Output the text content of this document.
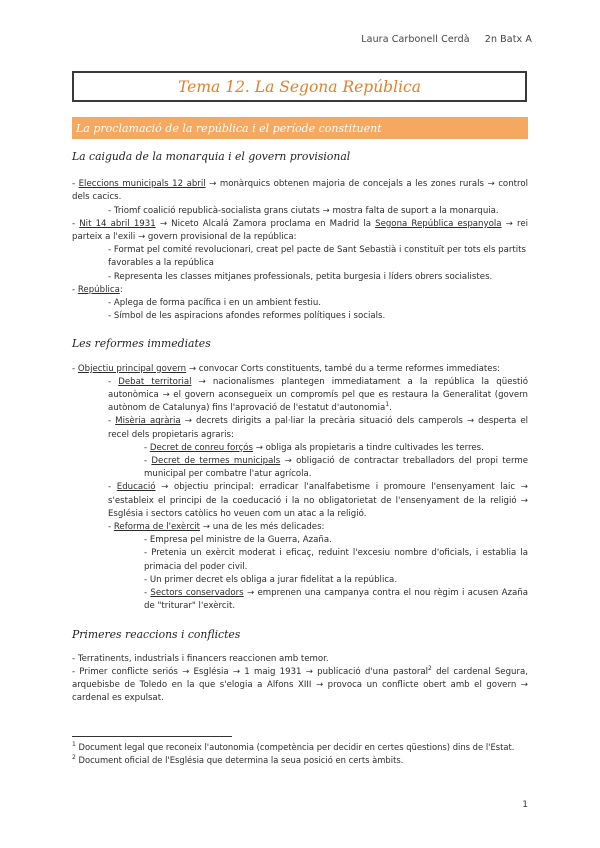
Laura Carbonell Cerdà 2n Batx A
Tema 12. La Segona República
La proclamació de la república i el període constituent

La caiguda de la monarquia i el govern provisional

- Eleccions municipals 12 abril → monàrquics obtenen majoria de concejals a les zones rurals → control dels cacics.

- Triomf coalició republicà-socialista grans ciutats → mostra falta de suport a la monarquia.

- Nit 14 abril 1931 → Niceto Alcalá Zamora proclama en Madrid la Segona República espanyola → rei parteix a l'exili → govern provisional de la república:

- Format pel comité revolucionari, creat pel pacte de Sant Sebastià i constituït per tots els partits favorables a la república

- Representa les classes mitjanes professionals, petita burgesia i líders obrers socialistes.

- República:

- Aplega de forma pacífica i en un ambient festiu.

- Símbol de les aspiracions afondes reformes polítiques i socials.

Les reformes immediates

- Objectiu principal govern → convocar Corts constituents, també du a terme reformes immediates:

- Debat territorial → nacionalismes plantegen immediatament a la república la qüestió autonòmica → el govern aconsegueix un compromís pel que es restaura la Generalitat (govern autònom de Catalunya) fins l'aprovació de l'estatut d'autonomia$^1$.

- Misèria agrària → decrets dirigits a pal·liar la precària situació dels camperols → desperta el recel dels propietaris agraris:

- Decret de conreu forçós → obliga als propietaris a tindre cultivades les terres.

- Decret de termes municipals → obligació de contractar treballadors del propi terme municipal per combatre l'atur agrícola.

- Educació → objectiu principal: erradicar l'analfabetisme i promoure l'ensenyament laic → s'estableix el principi de la coeducació i la no obligatorietat de l'ensenyament de la religió → Església i sectors catòlics ho veuen com un atac a la religió.

- Reforma de l'exèrcit → una de les més delicades:

- Empresa pel ministre de la Guerra, Azaña.

- Pretenia un exèrcit moderat i eficaç, reduint l'excesiu nombre d'oficials, i establia la primacia del poder civil.

- Un primer decret els obliga a jurar fidelitat a la república.

- Sectors conservadors → emprenen una campanya contra el nou règim i acusen Azaña de "triturar" l'exèrcit.

Primeres reaccions i conflictes

- Terratinents, industrials i financers reaccionen amb temor.

- Primer conflicte seriós → Església → 1 maig 1931 → publicació d'una pastoral$^2$ del cardenal Segura, arquebisbe de Toledo en la que s'elogia a Alfons XIII → provoca un conflicte obert amb el govern → cardenal es expulsat.

$^1$ Document legal que reconeix l'autonomia (competència per decidir en certes qüestions) dins de l'Estat.

$^2$ Document oficial de l'Església que determina la seua posició en certs àmbits.

1
